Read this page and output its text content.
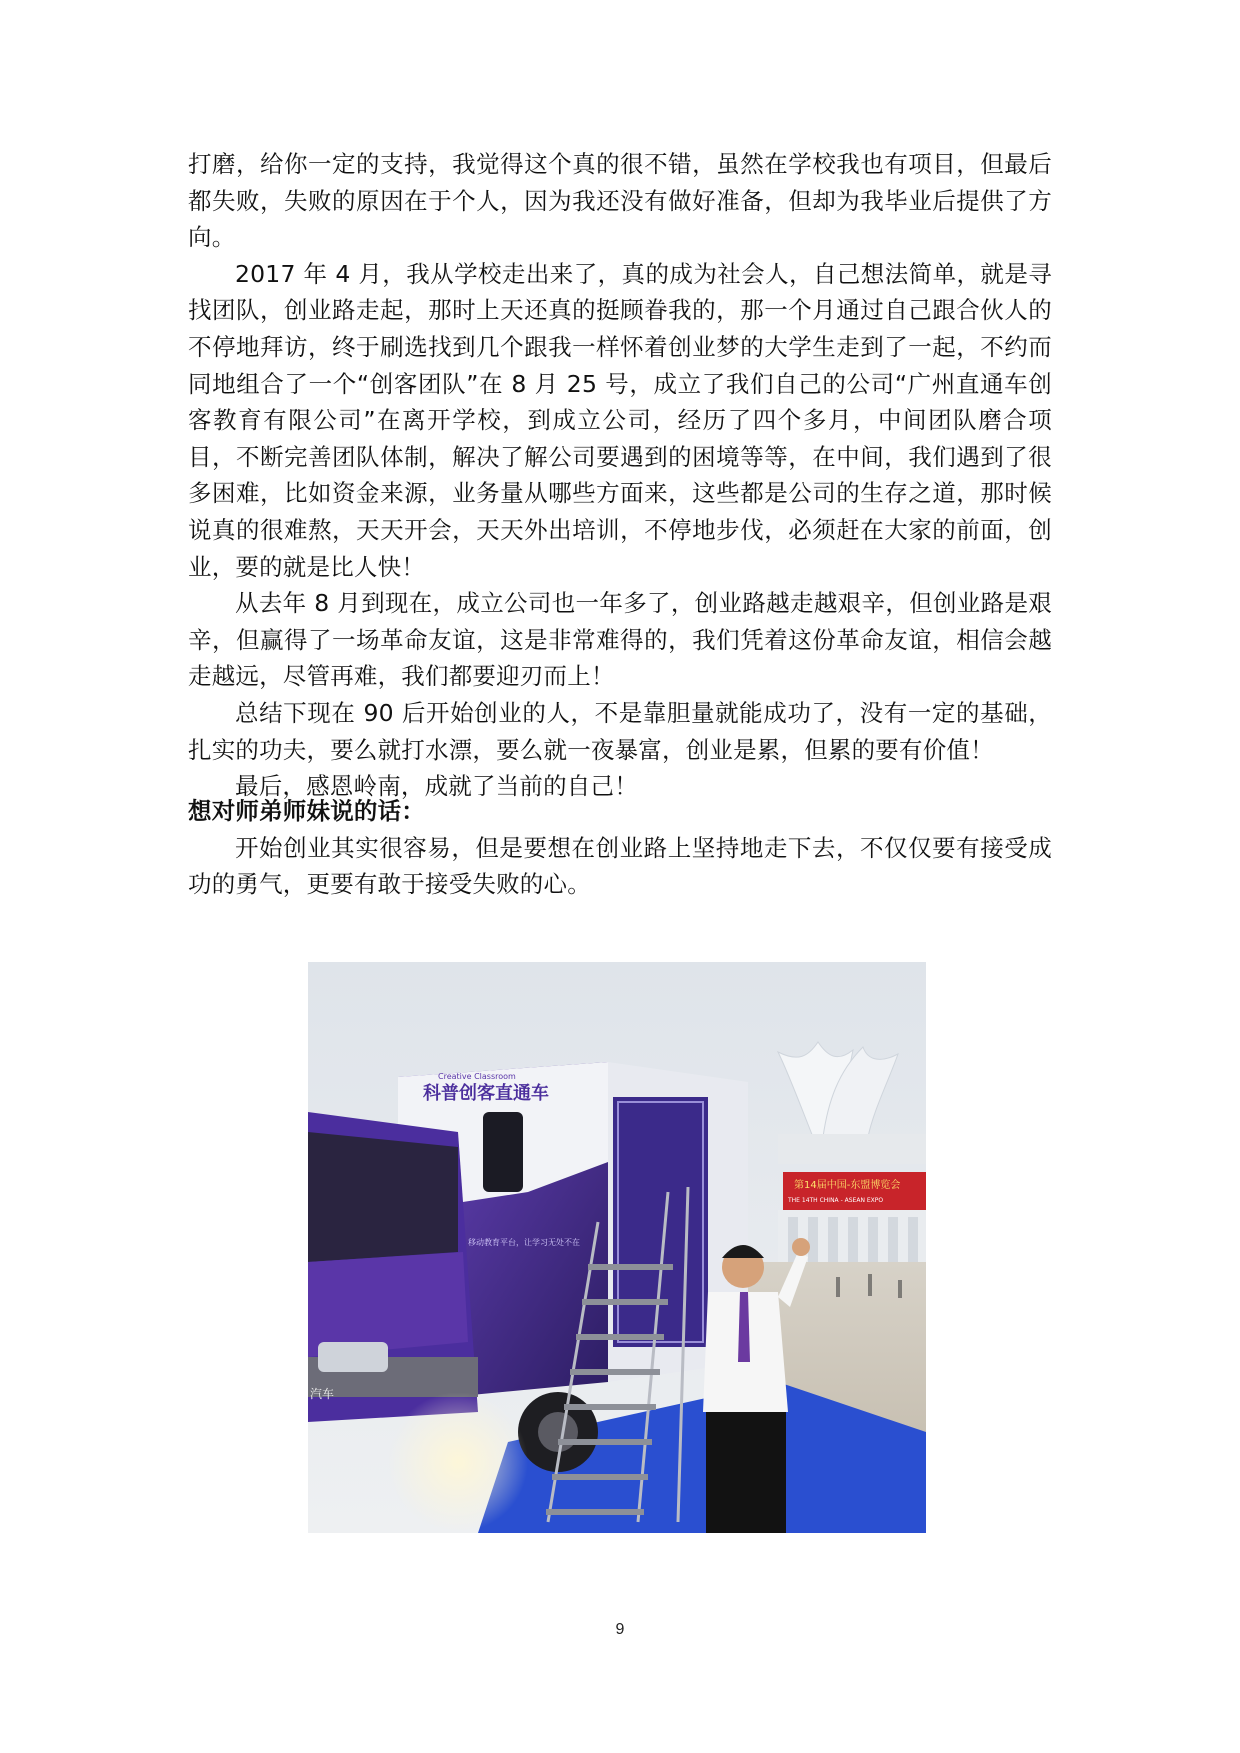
打磨，给你一定的支持，我觉得这个真的很不错，虽然在学校我也有项目，但最后都失败，失败的原因在于个人，因为我还没有做好准备，但却为我毕业后提供了方向。

2017 年 4 月，我从学校走出来了，真的成为社会人，自己想法简单，就是寻找团队，创业路走起，那时上天还真的挺顾眷我的，那一个月通过自己跟合伙人的不停地拜访，终于刷选找到几个跟我一样怀着创业梦的大学生走到了一起，不约而同地组合了一个“创客团队”在 8 月 25 号，成立了我们自己的公司“广州直通车创客教育有限公司”在离开学校，到成立公司，经历了四个多月，中间团队磨合项目，不断完善团队体制，解决了解公司要遇到的困境等等，在中间，我们遇到了很多困难，比如资金来源，业务量从哪些方面来，这些都是公司的生存之道，那时候说真的很难熬，天天开会，天天外出培训，不停地步伐，必须赶在大家的前面，创业，要的就是比人快！

从去年 8 月到现在，成立公司也一年多了，创业路越走越艰辛，但创业路是艰辛，但赢得了一场革命友谊，这是非常难得的，我们凭着这份革命友谊，相信会越走越远，尽管再难，我们都要迎刃而上！

总结下现在 90 后开始创业的人，不是靠胆量就能成功了，没有一定的基础，扎实的功夫，要么就打水漂，要么就一夜暴富，创业是累，但累的要有价值！

最后，感恩岭南，成就了当前的自己！

想对师弟师妹说的话：

开始创业其实很容易，但是要想在创业路上坚持地走下去，不仅仅要有接受成功的勇气，更要有敢于接受失败的心。

第14届中国-东盟博览会
THE 14TH CHINA - ASEAN EXPO
Creative Classroom
科普创客直通车
移动教育平台，让学习无处不在
汽车
9
